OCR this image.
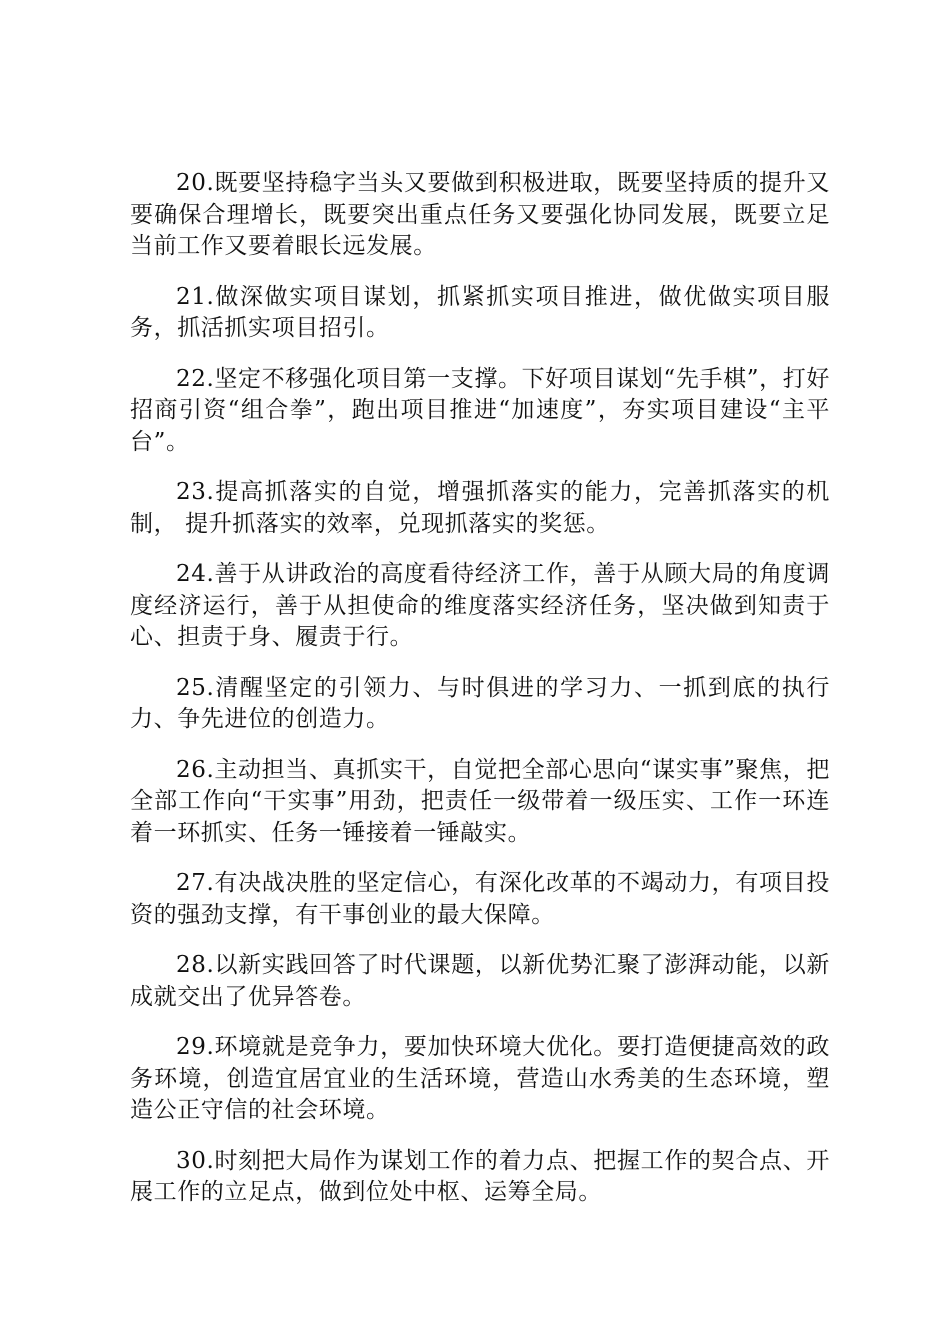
20.既要坚持稳字当头又要做到积极进取，既要坚持质的提升又要确保合理增长，既要突出重点任务又要强化协同发展，既要立足当前工作又要着眼长远发展。

21.做深做实项目谋划，抓紧抓实项目推进，做优做实项目服务，抓活抓实项目招引。

22.坚定不移强化项目第一支撑。下好项目谋划“先手棋”，打好招商引资“组合拳”，跑出项目推进“加速度”，夯实项目建设“主平台”。

23.提高抓落实的自觉，增强抓落实的能力，完善抓落实的机制， 提升抓落实的效率，兑现抓落实的奖惩。

24.善于从讲政治的高度看待经济工作，善于从顾大局的角度调度经济运行，善于从担使命的维度落实经济任务，坚决做到知责于心、担责于身、履责于行。

25.清醒坚定的引领力、与时俱进的学习力、一抓到底的执行力、争先进位的创造力。

26.主动担当、真抓实干，自觉把全部心思向“谋实事”聚焦，把全部工作向“干实事”用劲，把责任一级带着一级压实、工作一环连着一环抓实、任务一锤接着一锤敲实。

27.有决战决胜的坚定信心，有深化改革的不竭动力，有项目投资的强劲支撑，有干事创业的最大保障。

28.以新实践回答了时代课题，以新优势汇聚了澎湃动能，以新成就交出了优异答卷。

29.环境就是竞争力，要加快环境大优化。要打造便捷高效的政务环境，创造宜居宜业的生活环境，营造山水秀美的生态环境，塑造公正守信的社会环境。

30.时刻把大局作为谋划工作的着力点、把握工作的契合点、开展工作的立足点，做到位处中枢、运筹全局。
